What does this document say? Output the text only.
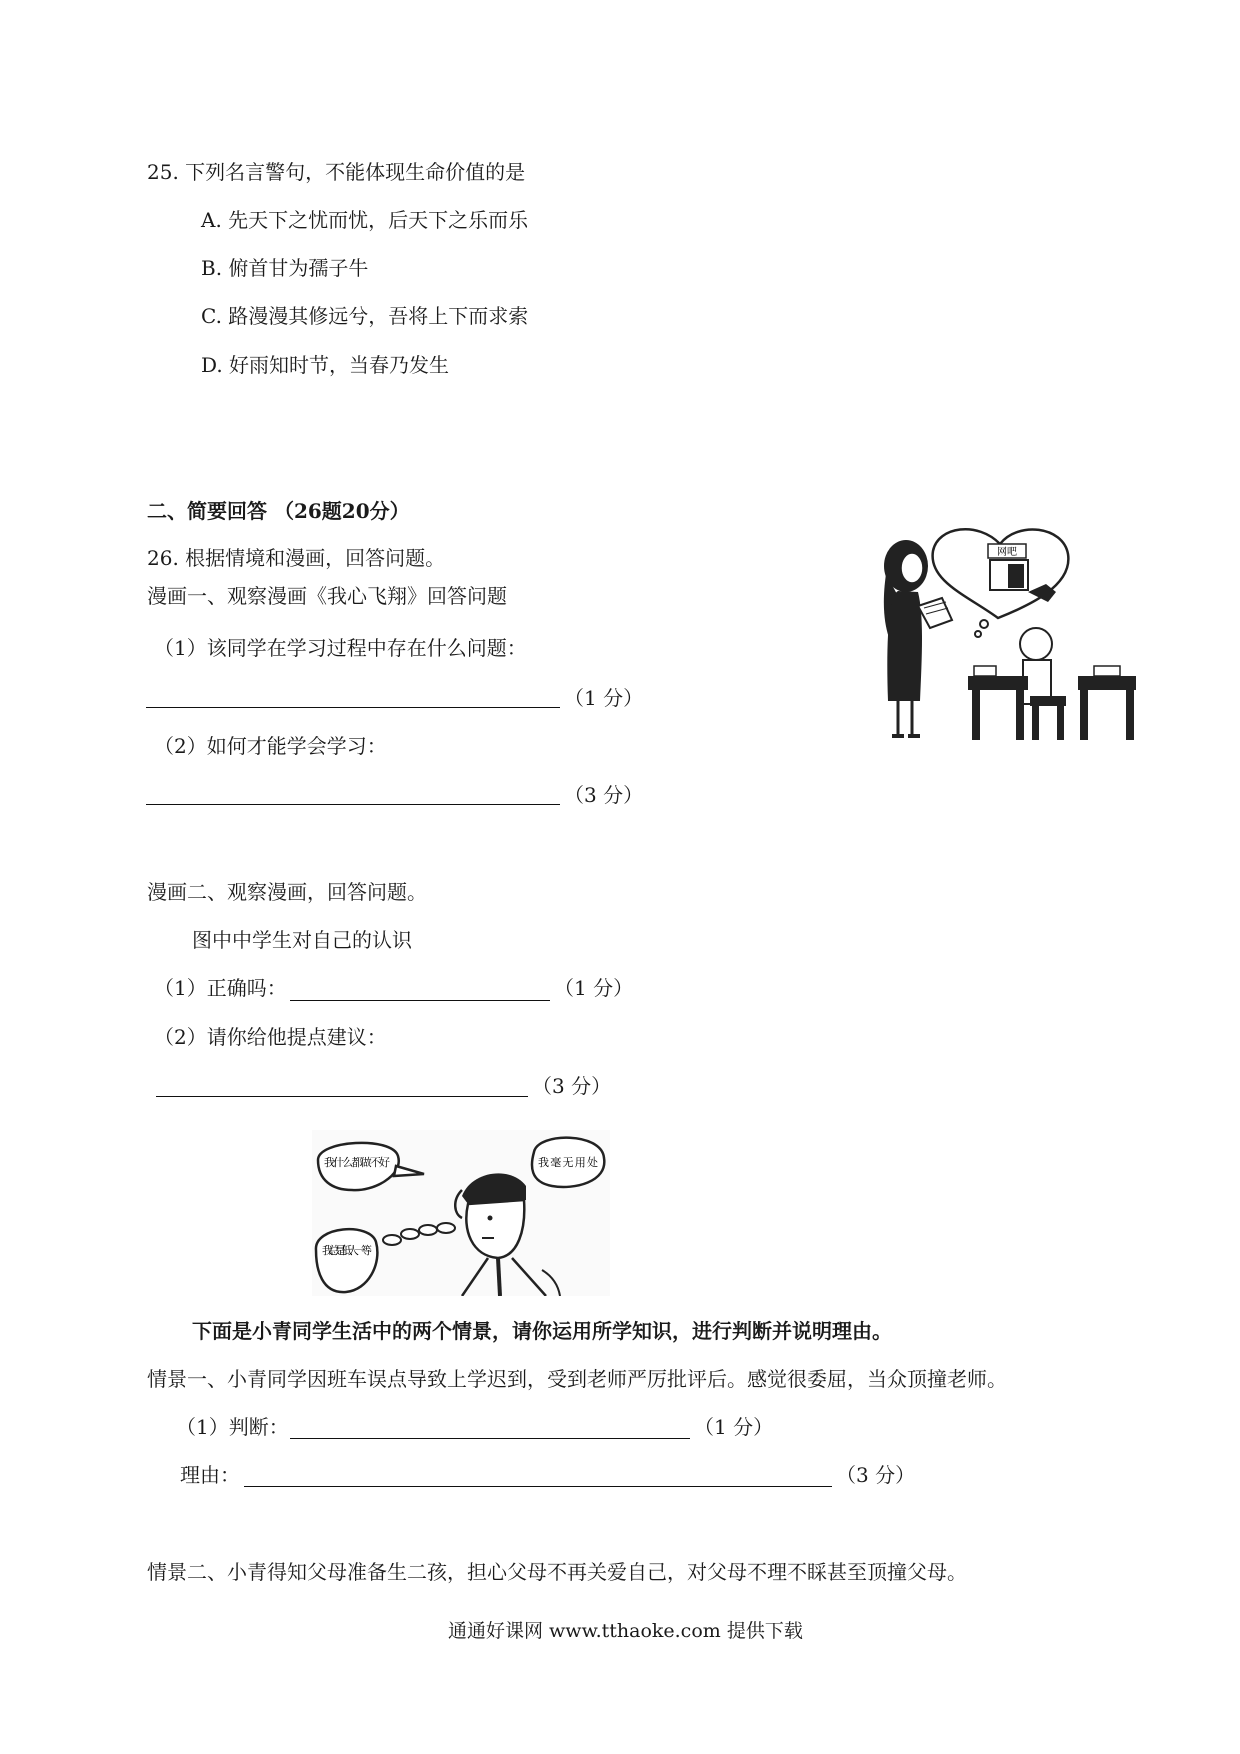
25. 下列名言警句，不能体现生命价值的是
A. 先天下之忧而忧，后天下之乐而乐
B. 俯首甘为孺子牛
C. 路漫漫其修远兮，吾将上下而求索
D. 好雨知时节，当春乃发生
二、简要回答 （26题20分）
26. 根据情境和漫画，回答问题。
漫画一、观察漫画《我心飞翔》回答问题
（1）该同学在学习过程中存在什么问题：
（1 分）
（2）如何才能学会学习：
（3 分）
网吧
漫画二、观察漫画，回答问题。
图中中学生对自己的认识
（1）正确吗：	（1 分）
（2）请你给他提点建议：
（3 分）
我什么都做不好	我毫无用处
我总是低人一等
下面是小青同学生活中的两个情景，请你运用所学知识，进行判断并说明理由。
情景一、小青同学因班车误点导致上学迟到，受到老师严厉批评后。感觉很委屈，当众顶撞老师。
（1）判断：	（1 分）
理由：	（3 分）
情景二、小青得知父母准备生二孩，担心父母不再关爱自己，对父母不理不睬甚至顶撞父母。
通通好课网 www.tthaoke.com 提供下载
